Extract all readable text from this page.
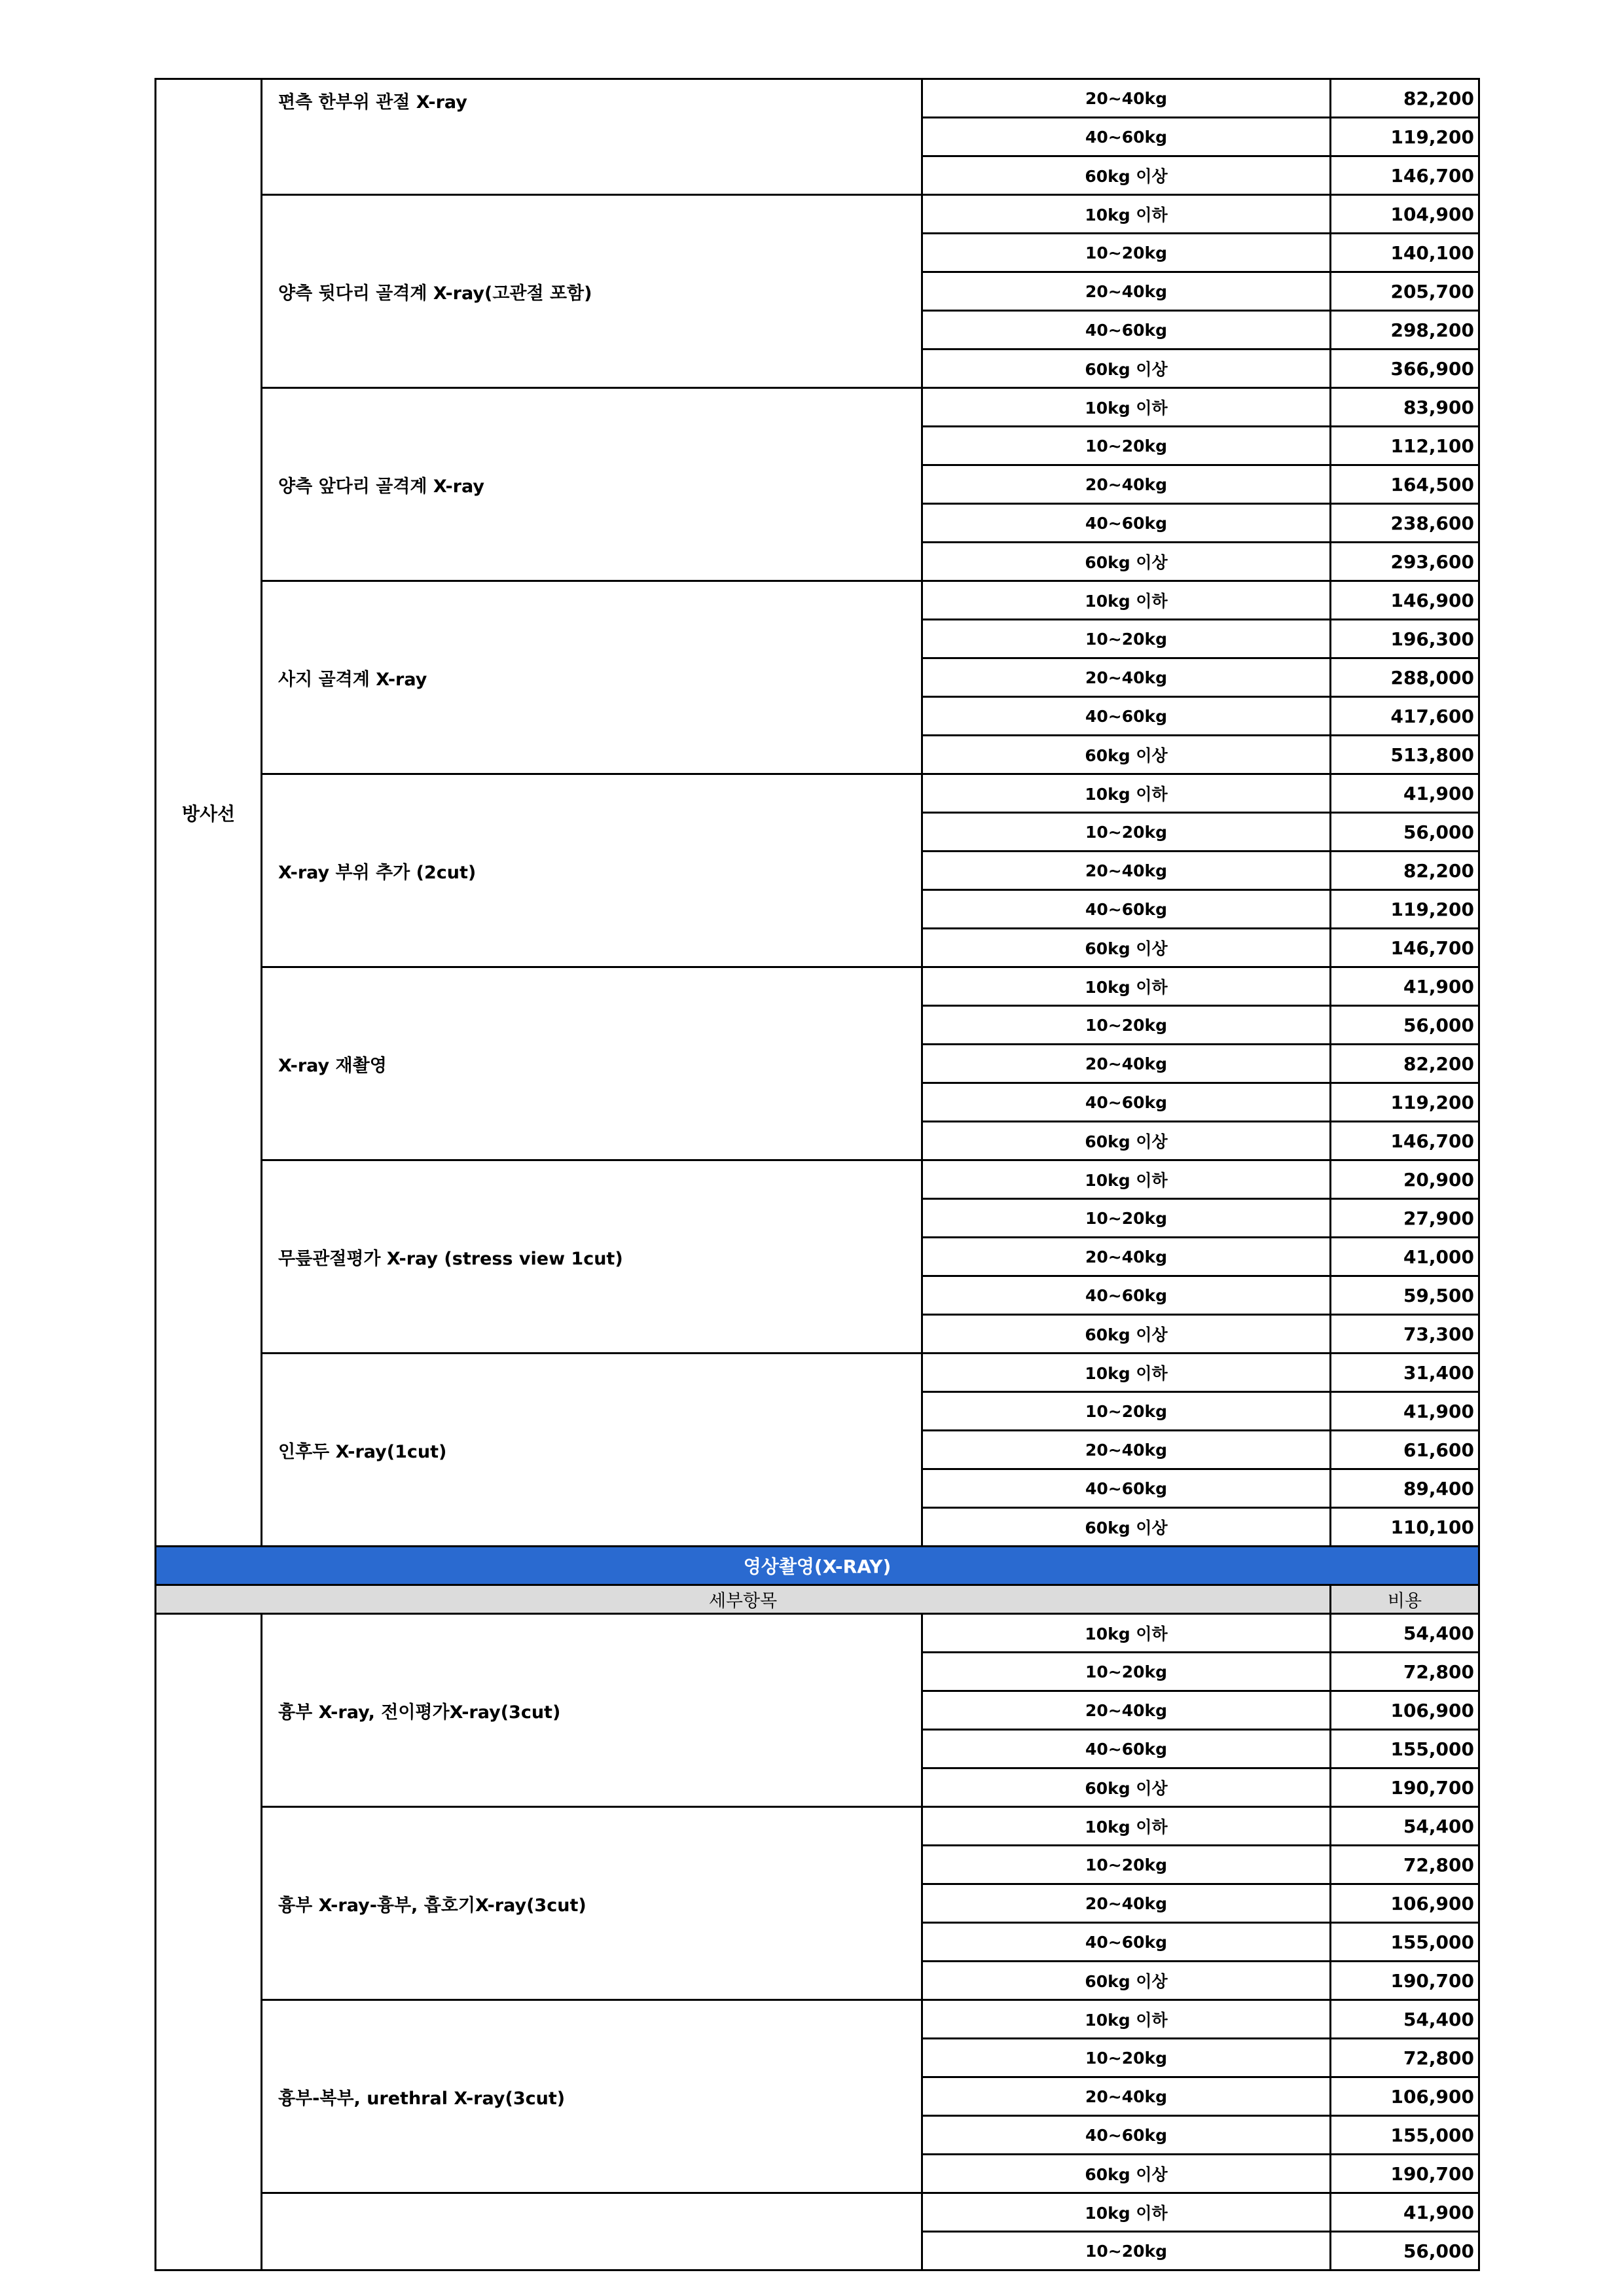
방사선	편측 한부위 관절 X-ray	20~40kg	82,200
		40~60kg	119,200
		60kg 이상	146,700
	양측 뒷다리 골격계 X-ray(고관절 포함)	10kg 이하	104,900
		10~20kg	140,100
		20~40kg	205,700
		40~60kg	298,200
		60kg 이상	366,900
	양측 앞다리 골격계 X-ray	10kg 이하	83,900
		10~20kg	112,100
		20~40kg	164,500
		40~60kg	238,600
		60kg 이상	293,600
	사지 골격계 X-ray	10kg 이하	146,900
		10~20kg	196,300
		20~40kg	288,000
		40~60kg	417,600
		60kg 이상	513,800
	X-ray 부위 추가 (2cut)	10kg 이하	41,900
		10~20kg	56,000
		20~40kg	82,200
		40~60kg	119,200
		60kg 이상	146,700
	X-ray 재촬영	10kg 이하	41,900
		10~20kg	56,000
		20~40kg	82,200
		40~60kg	119,200
		60kg 이상	146,700
	무릎관절평가 X-ray (stress view 1cut)	10kg 이하	20,900
		10~20kg	27,900
		20~40kg	41,000
		40~60kg	59,500
		60kg 이상	73,300
	인후두 X-ray(1cut)	10kg 이하	31,400
		10~20kg	41,900
		20~40kg	61,600
		40~60kg	89,400
		60kg 이상	110,100
영상촬영(X-RAY)			
세부항목			비용
	흉부 X-ray, 전이평가X-ray(3cut)	10kg 이하	54,400
		10~20kg	72,800
		20~40kg	106,900
		40~60kg	155,000
		60kg 이상	190,700
	흉부 X-ray-흉부, 흡호기X-ray(3cut)	10kg 이하	54,400
		10~20kg	72,800
		20~40kg	106,900
		40~60kg	155,000
		60kg 이상	190,700
	흉부-복부, urethral X-ray(3cut)	10kg 이하	54,400
		10~20kg	72,800
		20~40kg	106,900
		40~60kg	155,000
		60kg 이상	190,700
		10kg 이하	41,900
		10~20kg	56,000
